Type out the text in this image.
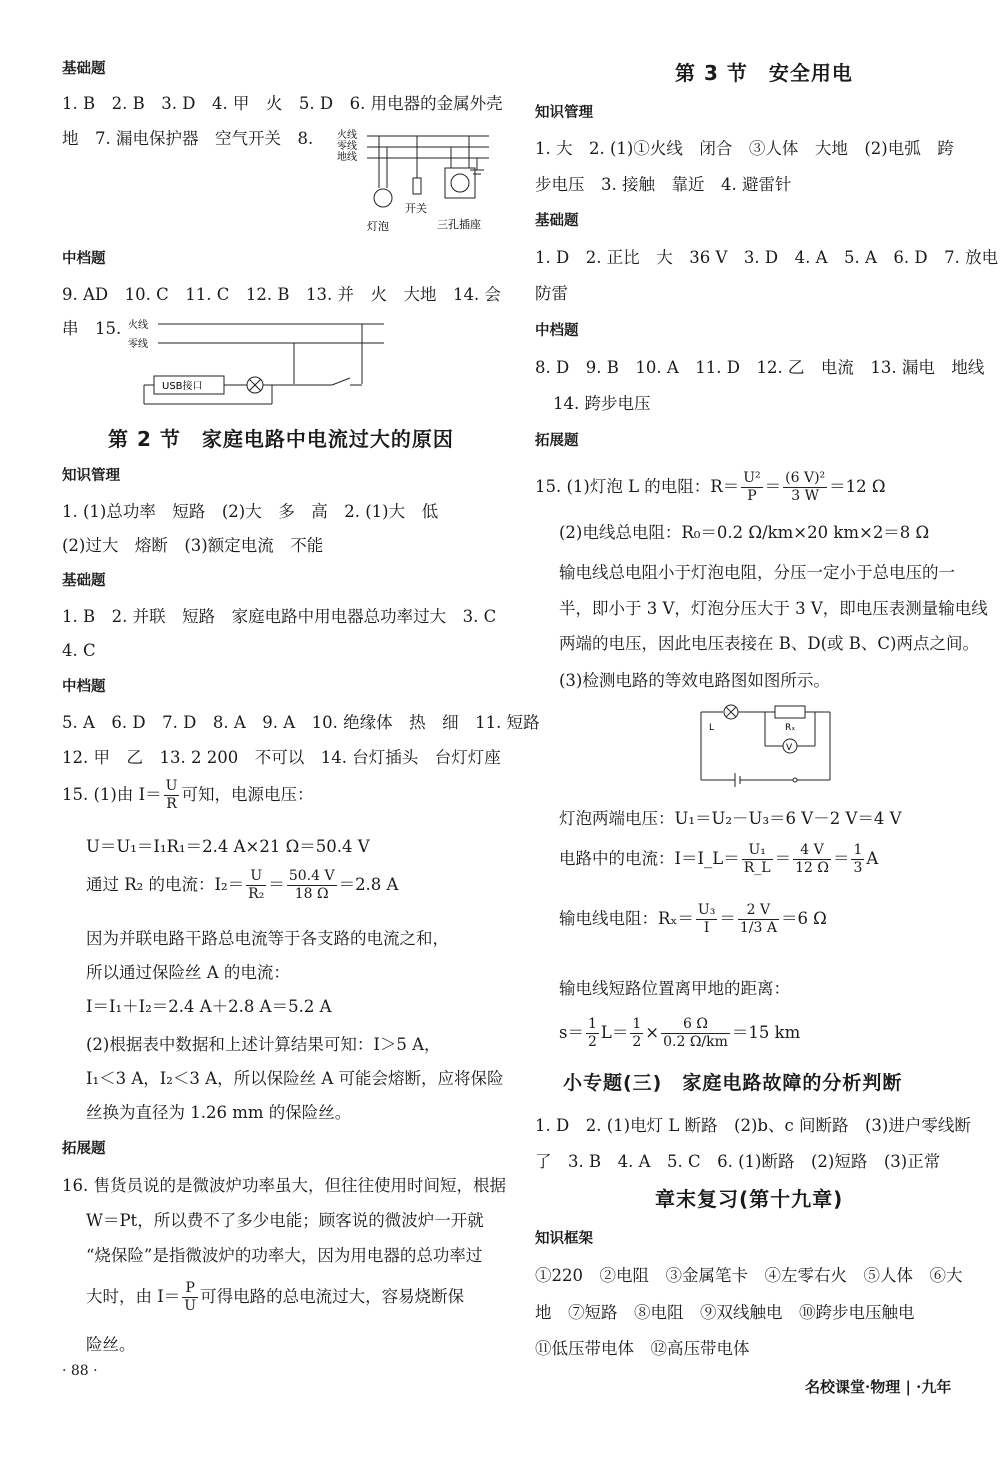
基础题
1. B　2. B　3. D　4. 甲　火　5. D　6. 用电器的金属外壳
地　7. 漏电保护器　空气开关　8. 火线
零线
地线
灯泡
开关
三孔插座
中档题
9. AD　10. C　11. C　12. B　13. 并　火　大地　14. 会
串　15. 火线
零线
USB接口
第 2 节　家庭电路中电流过大的原因
知识管理
1. (1)总功率　短路　(2)大　多　高　2. (1)大　低
(2)过大　熔断　(3)额定电流　不能
基础题
1. B　2. 并联　短路　家庭电路中用电器总功率过大　3. C
4. C
中档题
5. A　6. D　7. D　8. A　9. A　10. 绝缘体　热　细　11. 短路
12. 甲　乙　13. 2 200　不可以　14. 台灯插头　台灯灯座
15. (1)由 $I= \frac{U}{R}$ 可知，电源电压：
U＝U₁＝I₁R₁＝2.4 A×21 Ω＝50.4 V
通过 R₂ 的电流：$I_2= \frac{U}{\text{R₂}} = \frac{50.4 V}{18 \Omega} =2.8$ A
因为并联电路干路总电流等于各支路的电流之和，
所以通过保险丝 A 的电流：
I＝I₁＋I₂＝2.4 A＋2.8 A＝5.2 A
(2)根据表中数据和上述计算结果可知：I＞5 A，
I₁＜3 A，I₂＜3 A，所以保险丝 A 可能会熔断，应将保险
丝换为直径为 1.26 mm 的保险丝。
拓展题
16. 售货员说的是微波炉功率虽大，但往往使用时间短，根据
W＝Pt，所以费不了多少电能；顾客说的微波炉一开就
“烧保险”是指微波炉的功率大，因为用电器的总功率过
大时，由 $I= \frac{P}{U}$ 可得电路的总电流过大，容易烧断保
险丝。
· 88 ·
第 3 节　安全用电
知识管理
1. 大　2. (1)①火线　闭合　③人体　大地　(2)电弧　跨
步电压　3. 接触　靠近　4. 避雷针
基础题
1. D　2. 正比　大　36 V　3. D　4. A　5. A　6. D　7. 放电
防雷
中档题
8. D　9. B　10. A　11. D　12. 乙　电流　13. 漏电　地线
14. 跨步电压
拓展题
15. (1)灯泡 L 的电阻：$R= \frac{\text{U²}}{P} = \frac{\text{(6 V)²}}{3 W} =12$ Ω
(2)电线总电阻：R₀＝0.2 Ω/km×20 km×2＝8 Ω
输电线总电阻小于灯泡电阻，分压一定小于总电压的一
半，即小于 3 V，灯泡分压大于 3 V，即电压表测量输电线
两端的电压，因此电压表接在 B、D(或 B、C)两点之间。
(3)检测电路的等效电路图如图所示。
Rₓ
V
L
灯泡两端电压：U₁＝U₂－U₃＝6 V－2 V＝4 V
电路中的电流：I＝I_L＝ $\frac{\text{U₁}}{R\_L} = \frac{4 V}{12 \Omega} = \frac{1}{3}$ A
输电线电阻：$R_x= \frac{\text{U₃}}{I} = \frac{2 V}{1/3 A} =6$ Ω
输电线短路位置离甲地的距离：
$s= \frac{1}{2} L= \frac{1}{2} \times \frac{6 \Omega}{0.2 \Omega/km} =15$ km
小专题(三)　家庭电路故障的分析判断
1. D　2. (1)电灯 L 断路　(2)b、c 间断路　(3)进户零线断
了　3. B　4. A　5. C　6. (1)断路　(2)短路　(3)正常
章末复习(第十九章)
知识框架
①220　②电阻　③金属笔卡　④左零右火　⑤人体　⑥大
地　⑦短路　⑧电阻　⑨双线触电　⑩跨步电压触电
⑪低压带电体　⑫高压带电体
名校课堂·物理 | ·九年
